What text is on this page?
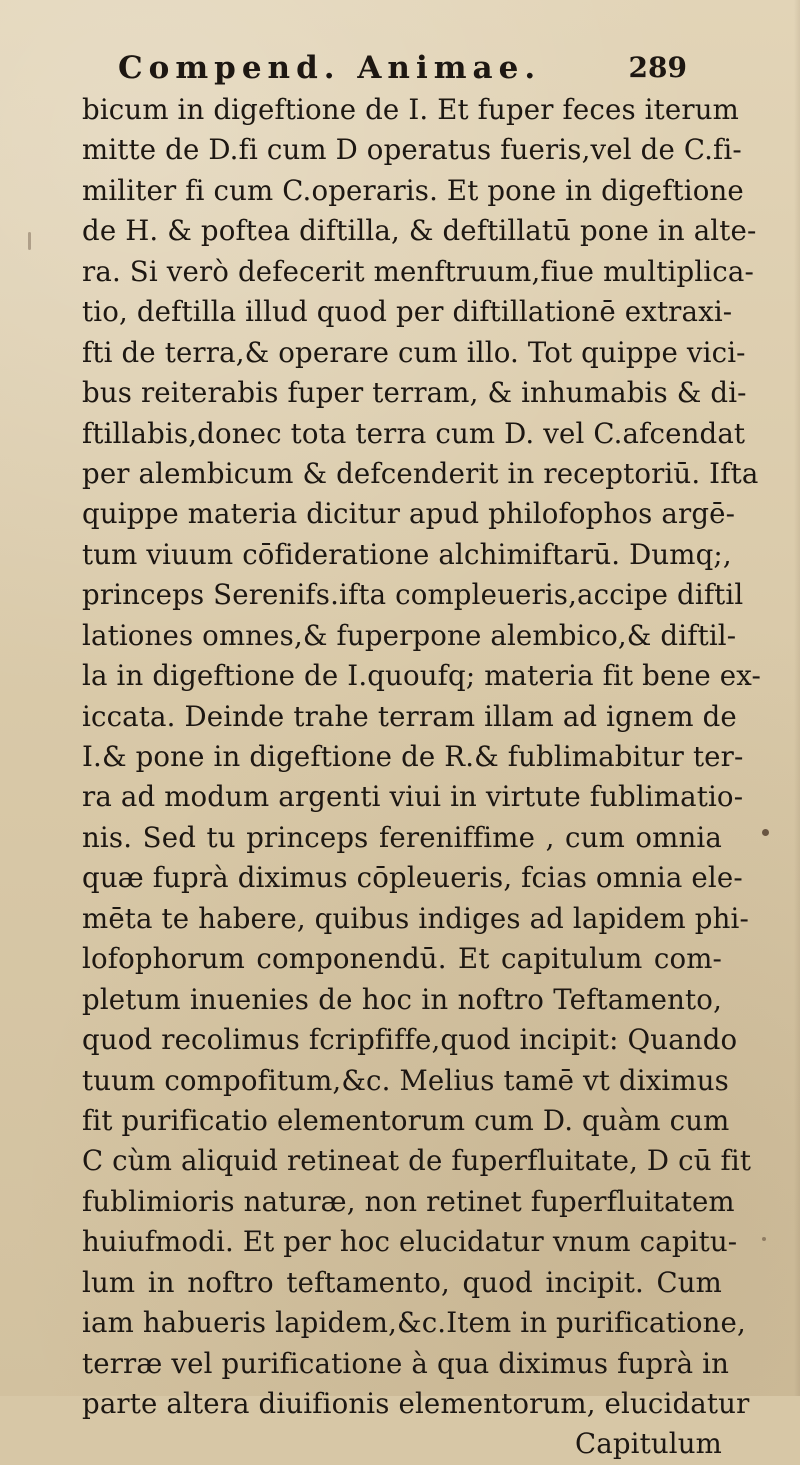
Compend. Animae.	289
bicum in digeftione de I. Et fuper feces iterum
mitte de D.fi cum D operatus fueris,vel de C.fi-
militer fi cum C.operaris. Et pone in digeftione
de H. & poftea diftilla, & deftillatū pone in alte-
ra. Si verò defecerit menftruum,fiue multiplica-
tio, deftilla illud quod per diftillationē extraxi-
fti de terra,& operare cum illo. Tot quippe vici-
bus reiterabis fuper terram, & inhumabis & di-
ftillabis,donec tota terra cum D. vel C.afcendat
per alembicum & defcenderit in receptoriū. Ifta
quippe materia dicitur apud philofophos argē-
tum viuum cōfideratione alchimiftarū. Dumq;,
princeps Serenifs.ifta compleueris,accipe diftil
lationes omnes,& fuperpone alembico,& diftil-
la in digeftione de I.quoufq; materia fit bene ex-
iccata. Deinde trahe terram illam ad ignem de
I.& pone in digeftione de R.& fublimabitur ter-
ra ad modum argenti viui in virtute fublimatio-
nis. Sed tu princeps fereniffime , cum omnia
quæ fuprà diximus cōpleueris, fcias omnia ele-
mēta te habere, quibus indiges ad lapidem phi-
lofophorum componendū. Et capitulum com-
pletum inuenies de hoc in noftro Teftamento,
quod recolimus fcripfiffe,quod incipit: Quando
tuum compofitum,&c. Melius tamē vt diximus
fit purificatio elementorum cum D. quàm cum
C cùm aliquid retineat de fuperfluitate, D cū fit
fublimioris naturæ, non retinet fuperfluitatem
huiufmodi. Et per hoc elucidatur vnum capitu-
lum in noftro teftamento, quod incipit. Cum
iam habueris lapidem,&c.Item in purificatione,
terræ vel purificatione à qua diximus fuprà in
parte altera diuifionis elementorum, elucidatur
Capitulum
